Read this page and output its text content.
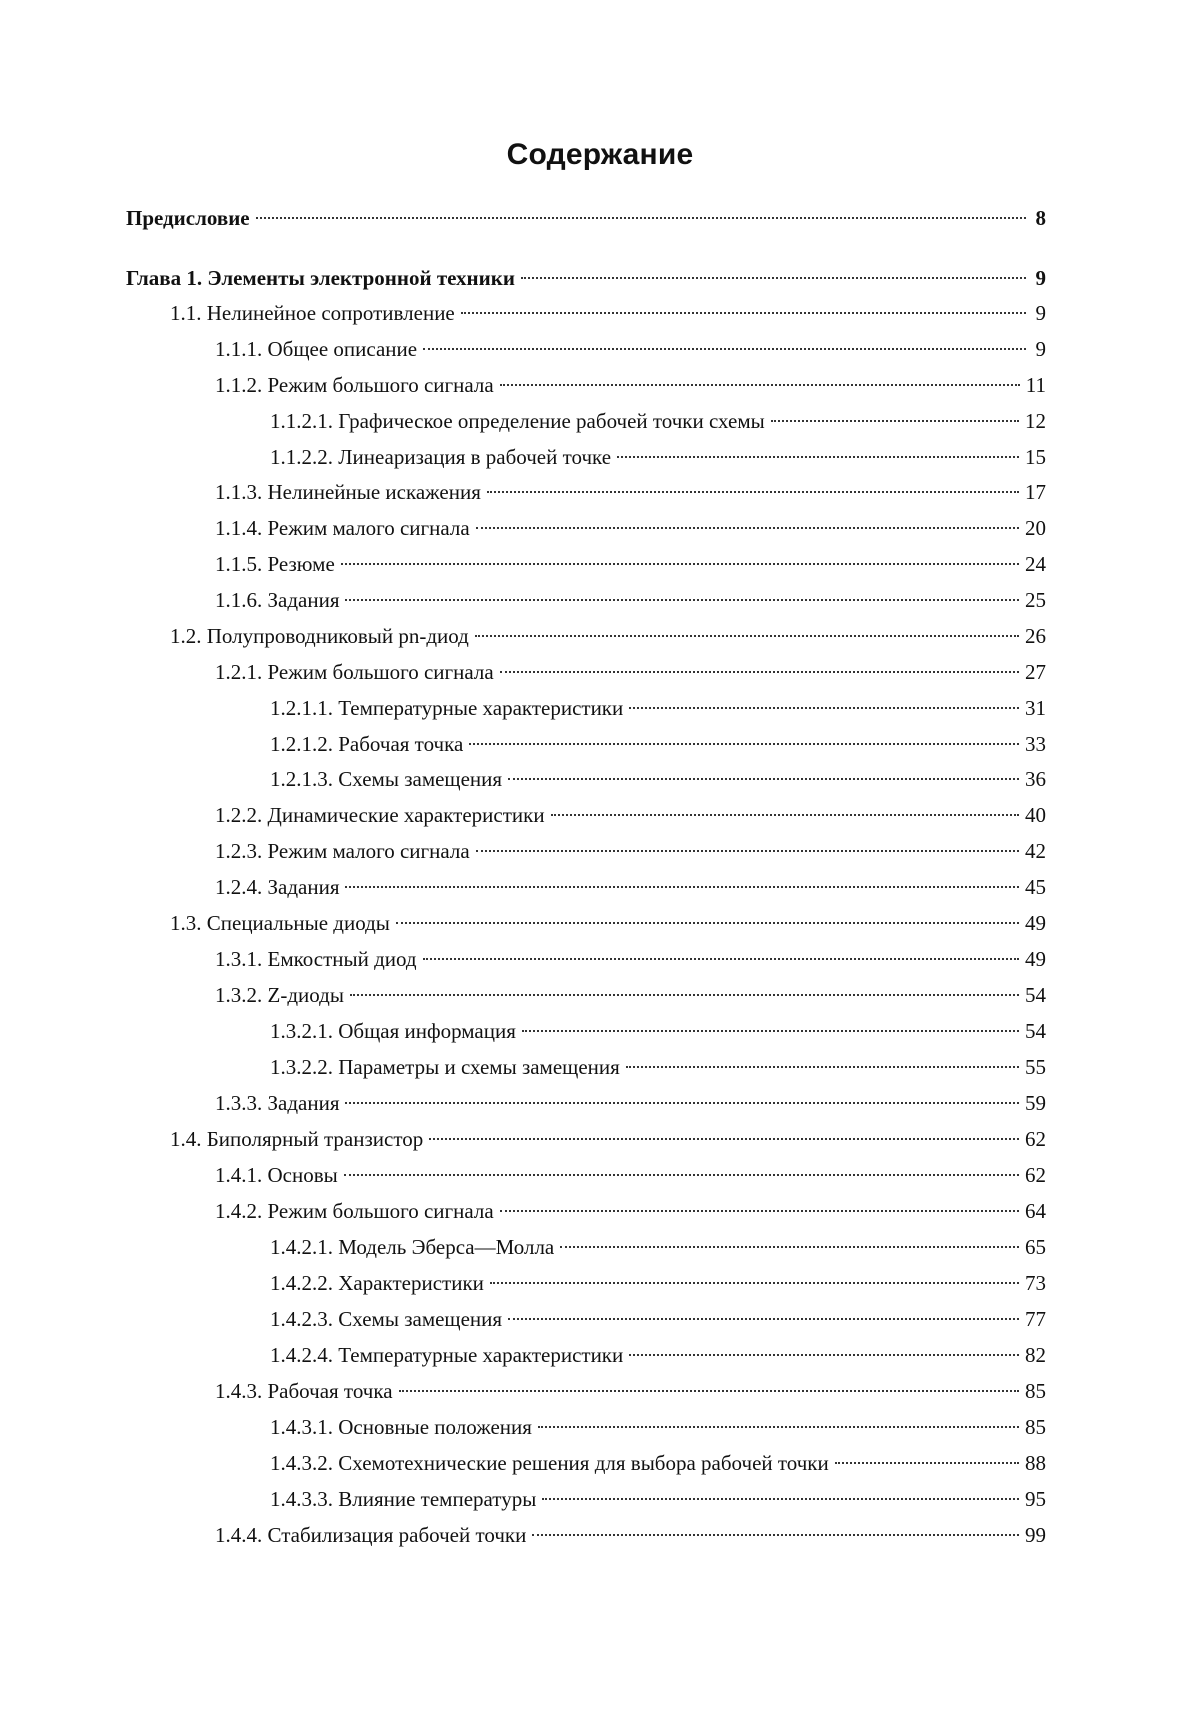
Содержание
Предисловие	8
Глава 1. Элементы электронной техники	9
1.1. Нелинейное сопротивление	9
1.1.1. Общее описание	9
1.1.2. Режим большого сигнала	11
1.1.2.1. Графическое определение рабочей точки схемы	12
1.1.2.2. Линеаризация в рабочей точке	15
1.1.3. Нелинейные искажения	17
1.1.4. Режим малого сигнала	20
1.1.5. Резюме	24
1.1.6. Задания	25
1.2. Полупроводниковый pn-диод	26
1.2.1. Режим большого сигнала	27
1.2.1.1. Температурные характеристики	31
1.2.1.2. Рабочая точка	33
1.2.1.3. Схемы замещения	36
1.2.2. Динамические характеристики	40
1.2.3. Режим малого сигнала	42
1.2.4. Задания	45
1.3. Специальные диоды	49
1.3.1. Емкостный диод	49
1.3.2. Z-диоды	54
1.3.2.1. Общая информация	54
1.3.2.2. Параметры и схемы замещения	55
1.3.3. Задания	59
1.4. Биполярный транзистор	62
1.4.1. Основы	62
1.4.2. Режим большого сигнала	64
1.4.2.1. Модель Эберса—Молла	65
1.4.2.2. Характеристики	73
1.4.2.3. Схемы замещения	77
1.4.2.4. Температурные характеристики	82
1.4.3. Рабочая точка	85
1.4.3.1. Основные положения	85
1.4.3.2. Схемотехнические решения для выбора рабочей точки	88
1.4.3.3. Влияние температуры	95
1.4.4. Стабилизация рабочей точки	99
